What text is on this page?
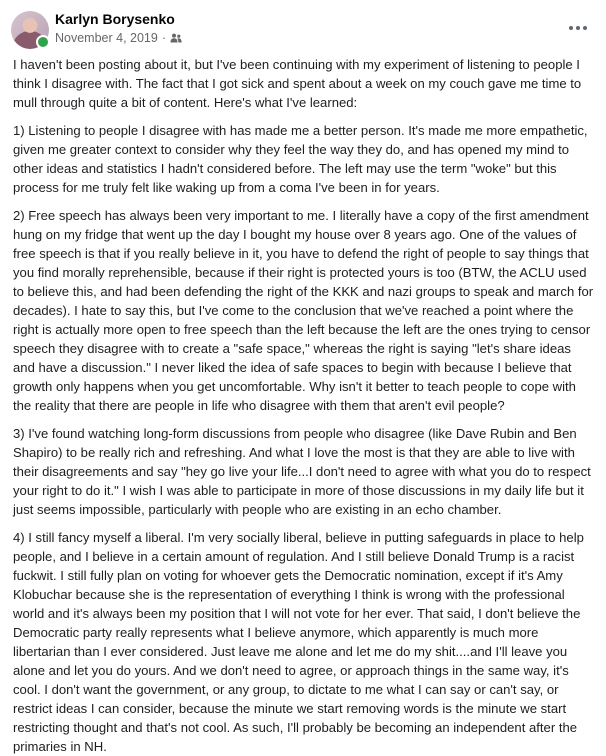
Karlyn Borysenko
November 4, 2019 ·

I haven't been posting about it, but I've been continuing with my experiment of listening to people I think I disagree with. The fact that I got sick and spent about a week on my couch gave me time to mull through quite a bit of content. Here's what I've learned:

1) Listening to people I disagree with has made me a better person. It's made me more empathetic, given me greater context to consider why they feel the way they do, and has opened my mind to other ideas and statistics I hadn't considered before. The left may use the term "woke" but this process for me truly felt like waking up from a coma I've been in for years.

2) Free speech has always been very important to me. I literally have a copy of the first amendment hung on my fridge that went up the day I bought my house over 8 years ago. One of the values of free speech is that if you really believe in it, you have to defend the right of people to say things that you find morally reprehensible, because if their right is protected yours is too (BTW, the ACLU used to believe this, and had been defending the right of the KKK and nazi groups to speak and march for decades). I hate to say this, but I've come to the conclusion that we've reached a point where the right is actually more open to free speech than the left because the left are the ones trying to censor speech they disagree with to create a "safe space," whereas the right is saying "let's share ideas and have a discussion." I never liked the idea of safe spaces to begin with because I believe that growth only happens when you get uncomfortable. Why isn't it better to teach people to cope with the reality that there are people in life who disagree with them that aren't evil people?

3) I've found watching long-form discussions from people who disagree (like Dave Rubin and Ben Shapiro) to be really rich and refreshing. And what I love the most is that they are able to live with their disagreements and say "hey go live your life...I don't need to agree with what you do to respect your right to do it." I wish I was able to participate in more of those discussions in my daily life but it just seems impossible, particularly with people who are existing in an echo chamber.

4) I still fancy myself a liberal. I'm very socially liberal, believe in putting safeguards in place to help people, and I believe in a certain amount of regulation. And I still believe Donald Trump is a racist fuckwit. I still fully plan on voting for whoever gets the Democratic nomination, except if it's Amy Klobuchar because she is the representation of everything I think is wrong with the professional world and it's always been my position that I will not vote for her ever. That said, I don't believe the Democratic party really represents what I believe anymore, which apparently is much more libertarian than I ever considered. Just leave me alone and let me do my shit....and I'll leave you alone and let you do yours. And we don't need to agree, or approach things in the same way, it's cool. I don't want the government, or any group, to dictate to me what I can say or can't say, or restrict ideas I can consider, because the minute we start removing words is the minute we start restricting thought and that's not cool. As such, I'll probably be becoming an independent after the primaries in NH.
